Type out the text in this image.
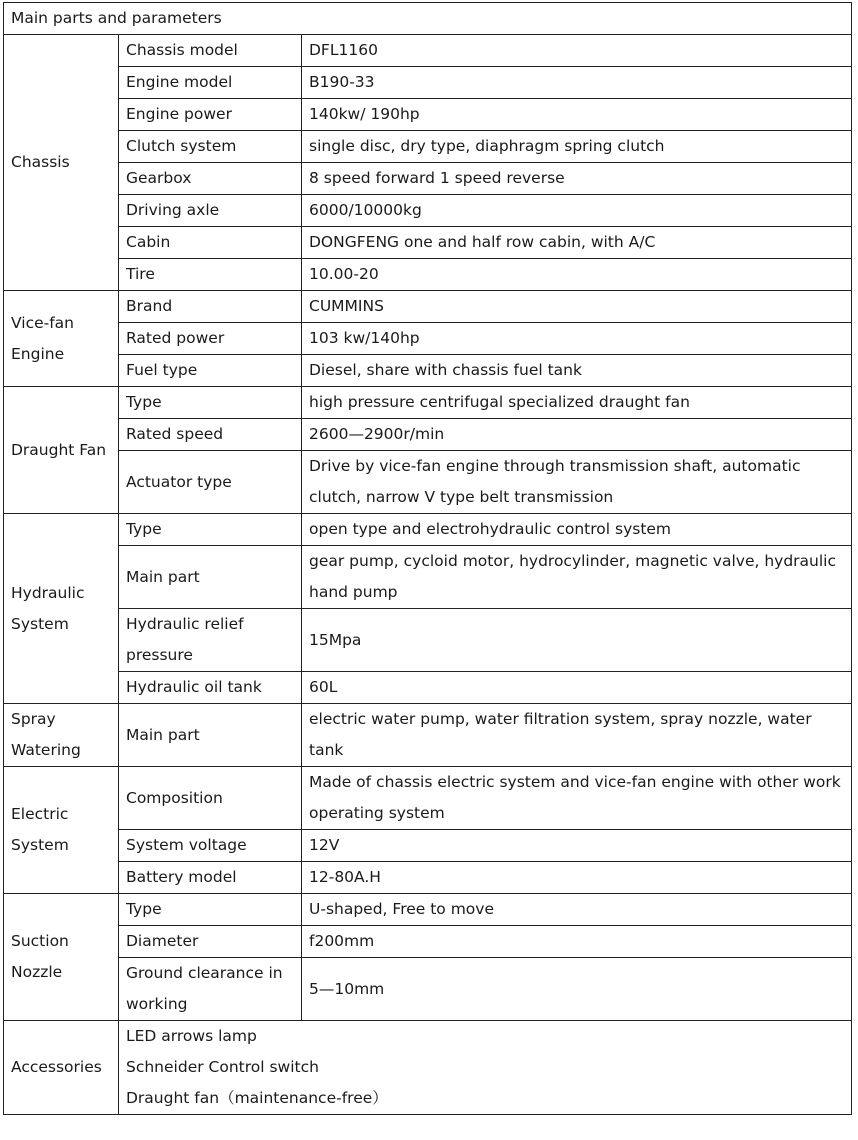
Main parts and parameters		
Chassis	Chassis model	DFL1160
	Engine model	B190-33
	Engine power	140kw/ 190hp
	Clutch system	single disc, dry type, diaphragm spring clutch
	Gearbox	8 speed forward 1 speed reverse
	Driving axle	6000/10000kg
	Cabin	DONGFENG one and half row cabin, with A/C
	Tire	10.00-20
Vice-fan Engine	Brand	CUMMINS
	Rated power	103 kw/140hp
	Fuel type	Diesel, share with chassis fuel tank
Draught Fan	Type	high pressure centrifugal specialized draught fan
	Rated speed	2600—2900r/min
	Actuator type	Drive by vice-fan engine through transmission shaft, automatic clutch, narrow V type belt transmission
Hydraulic System	Type	open type and electrohydraulic control system
	Main part	gear pump, cycloid motor, hydrocylinder, magnetic valve, hydraulic hand pump
	Hydraulic relief pressure	15Mpa
	Hydraulic oil tank	60L
Spray Watering	Main part	electric water pump, water filtration system, spray nozzle, water tank
Electric System	Composition	Made of chassis electric system and vice-fan engine with other work operating system
	System voltage	12V
	Battery model	12-80A.H
Suction Nozzle	Type	U-shaped, Free to move
	Diameter	f200mm
	Ground clearance in working	5—10mm
Accessories	LED arrows lamp
Schneider Control switch
Draught fan（maintenance-free）	
